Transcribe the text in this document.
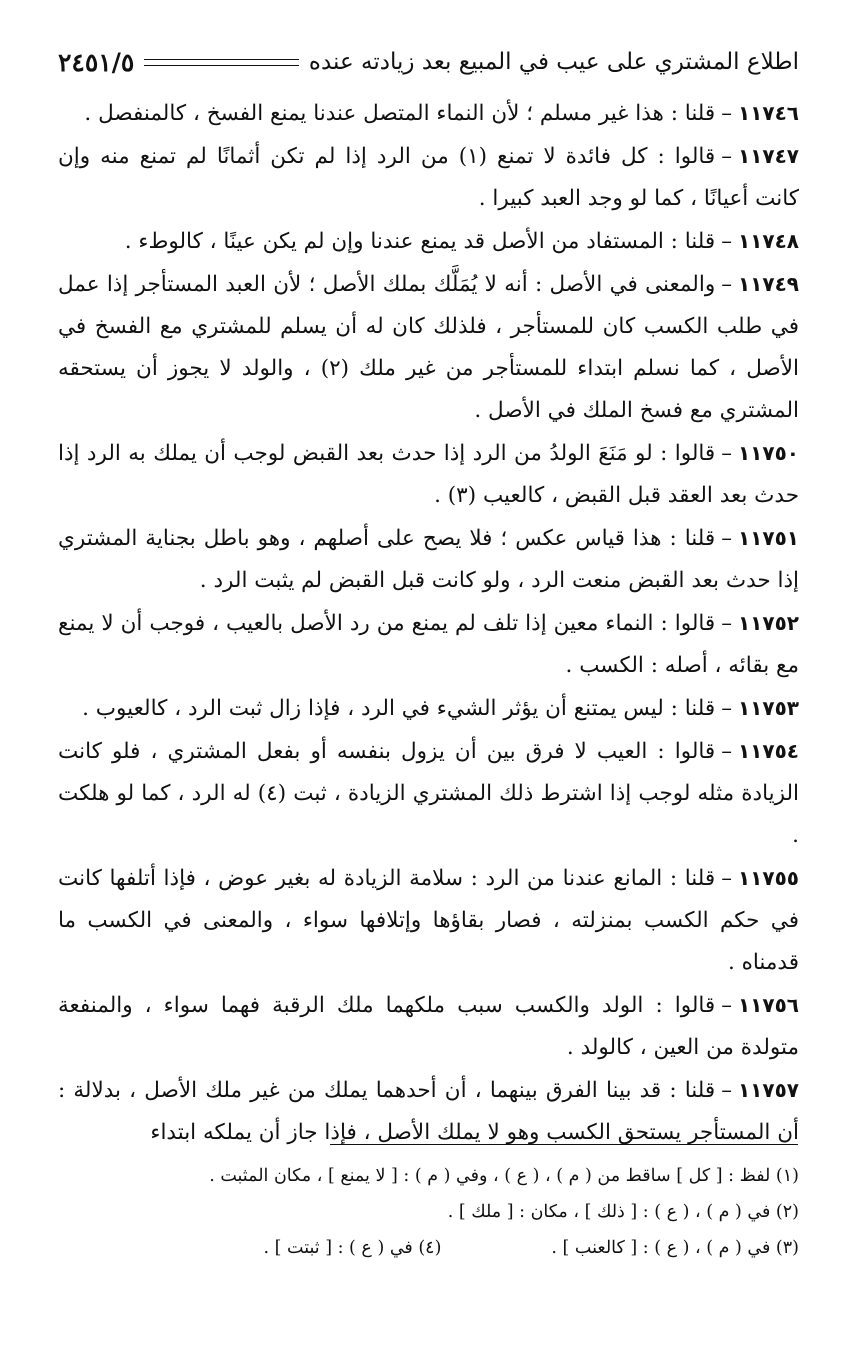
اطلاع المشتري على عيب في المبيع بعد زيادته عنده
٢٤٥١/٥

١١٧٤٦–قلنا : هذا غير مسلم ؛ لأن النماء المتصل عندنا يمنع الفسخ ، كالمنفصل .

١١٧٤٧–قالوا : كل فائدة لا تمنع (١) من الرد إذا لم تكن أثمانًا لم تمنع منه وإن كانت أعيانًا ، كما لو وجد العبد كبيرا .

١١٧٤٨–قلنا : المستفاد من الأصل قد يمنع عندنا وإن لم يكن عينًا ، كالوطء .

١١٧٤٩–والمعنى في الأصل : أنه لا يُمَلَّك بملك الأصل ؛ لأن العبد المستأجر إذا عمل في طلب الكسب كان للمستأجر ، فلذلك كان له أن يسلم للمشتري مع الفسخ في الأصل ، كما نسلم ابتداء للمستأجر من غير ملك (٢) ، والولد لا يجوز أن يستحقه المشتري مع فسخ الملك في الأصل .

١١٧٥٠–قالوا : لو مَنَعَ الولدُ من الرد إذا حدث بعد القبض لوجب أن يملك به الرد إذا حدث بعد العقد قبل القبض ، كالعيب (٣) .

١١٧٥١–قلنا : هذا قياس عكس ؛ فلا يصح على أصلهم ، وهو باطل بجناية المشتري إذا حدث بعد القبض منعت الرد ، ولو كانت قبل القبض لم يثبت الرد .

١١٧٥٢–قالوا : النماء معين إذا تلف لم يمنع من رد الأصل بالعيب ، فوجب أن لا يمنع مع بقائه ، أصله : الكسب .

١١٧٥٣–قلنا : ليس يمتنع أن يؤثر الشيء في الرد ، فإذا زال ثبت الرد ، كالعيوب .

١١٧٥٤–قالوا : العيب لا فرق بين أن يزول بنفسه أو بفعل المشتري ، فلو كانت الزيادة مثله لوجب إذا اشترط ذلك المشتري الزيادة ، ثبت (٤) له الرد ، كما لو هلكت .

١١٧٥٥–قلنا : المانع عندنا من الرد : سلامة الزيادة له بغير عوض ، فإذا أتلفها كانت في حكم الكسب بمنزلته ، فصار بقاؤها وإتلافها سواء ، والمعنى في الكسب ما قدمناه .

١١٧٥٦–قالوا : الولد والكسب سبب ملكهما ملك الرقبة فهما سواء ، والمنفعة متولدة من العين ، كالولد .

١١٧٥٧–قلنا : قد بينا الفرق بينهما ، أن أحدهما يملك من غير ملك الأصل ، بدلالة : أن المستأجر يستحق الكسب وهو لا يملك الأصل ، فإذا جاز أن يملكه ابتداء

(١) لفظ : [ كل ] ساقط من ( م ) ، ( ع ) ، وفي ( م ) : [ لا يمنع ] ، مكان المثبت .
(٢) في ( م ) ، ( ع ) : [ ذلك ] ، مكان : [ ملك ] .
(٣) في ( م ) ، ( ع ) : [ كالعنب ] .
(٤) في ( ع ) : [ ثبتت ] .
